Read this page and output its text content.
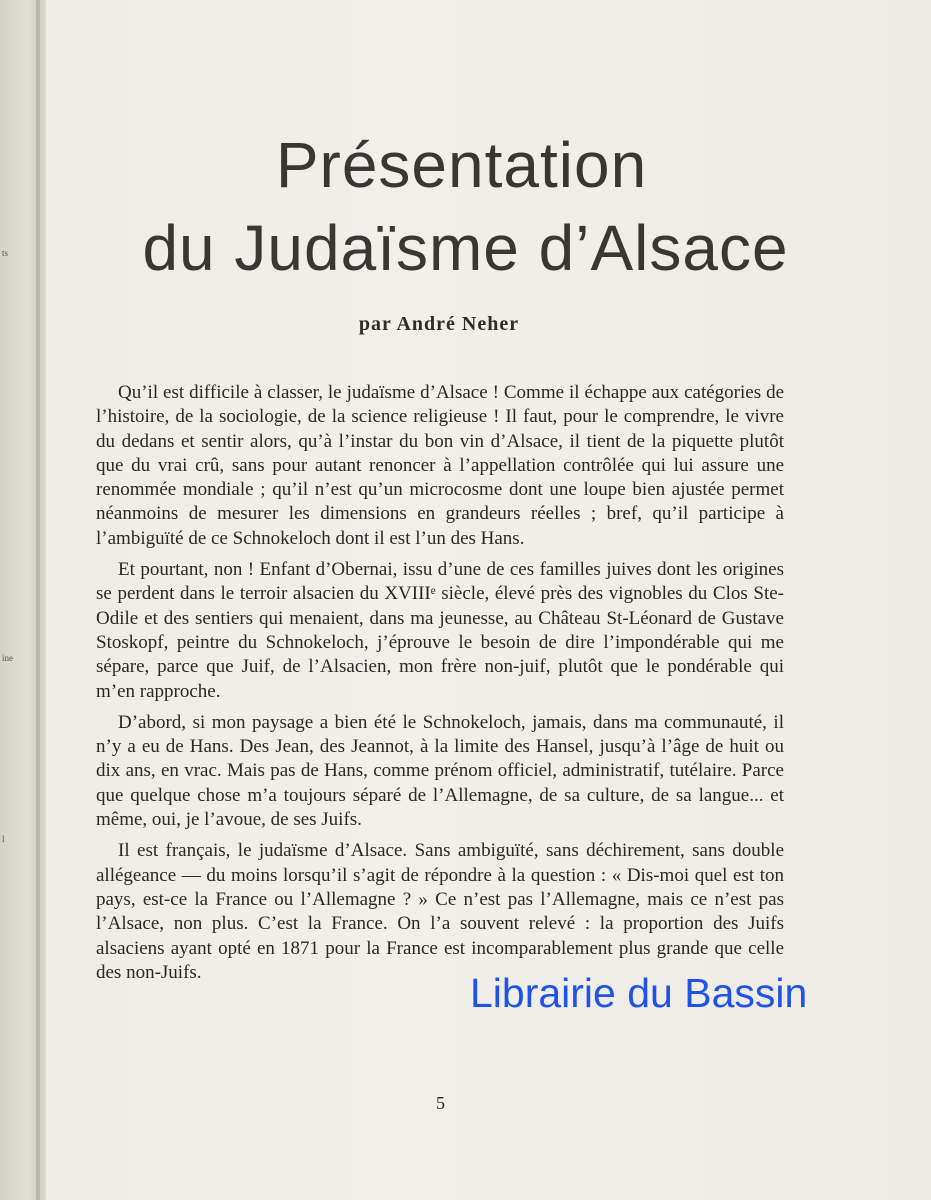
ts
ine
l
Présentation
du Judaïsme d’Alsace
par André Neher

Qu’il est difficile à classer, le judaïsme d’Alsace ! Comme il échappe aux catégories de l’histoire, de la sociologie, de la science religieuse ! Il faut, pour le comprendre, le vivre du dedans et sentir alors, qu’à l’instar du bon vin d’Alsace, il tient de la piquette plutôt que du vrai crû, sans pour autant renoncer à l’appellation contrôlée qui lui assure une renommée mondiale ; qu’il n’est qu’un microcosme dont une loupe bien ajustée permet néanmoins de mesurer les dimensions en grandeurs réelles ; bref, qu’il participe à l’ambiguïté de ce Schnokeloch dont il est l’un des Hans.

Et pourtant, non ! Enfant d’Obernai, issu d’une de ces familles juives dont les origines se perdent dans le terroir alsacien du XVIIIᵉ siècle, élevé près des vignobles du Clos Ste-Odile et des sentiers qui menaient, dans ma jeunesse, au Château St-Léonard de Gustave Stoskopf, peintre du Schnokeloch, j’éprouve le besoin de dire l’impondérable qui me sépare, parce que Juif, de l’Alsacien, mon frère non-juif, plutôt que le pondérable qui m’en rapproche.

D’abord, si mon paysage a bien été le Schnokeloch, jamais, dans ma communauté, il n’y a eu de Hans. Des Jean, des Jeannot, à la limite des Hansel, jusqu’à l’âge de huit ou dix ans, en vrac. Mais pas de Hans, comme prénom officiel, administratif, tutélaire. Parce que quelque chose m’a toujours séparé de l’Allemagne, de sa culture, de sa langue... et même, oui, je l’avoue, de ses Juifs.

Il est français, le judaïsme d’Alsace. Sans ambiguïté, sans déchirement, sans double allégeance — du moins lorsqu’il s’agit de répondre à la question : « Dis-moi quel est ton pays, est-ce la France ou l’Allemagne ? » Ce n’est pas l’Allemagne, mais ce n’est pas l’Alsace, non plus. C’est la France. On l’a souvent relevé : la proportion des Juifs alsaciens ayant opté en 1871 pour la France est incomparablement plus grande que celle des non-Juifs.

5
Librairie du Bassin
